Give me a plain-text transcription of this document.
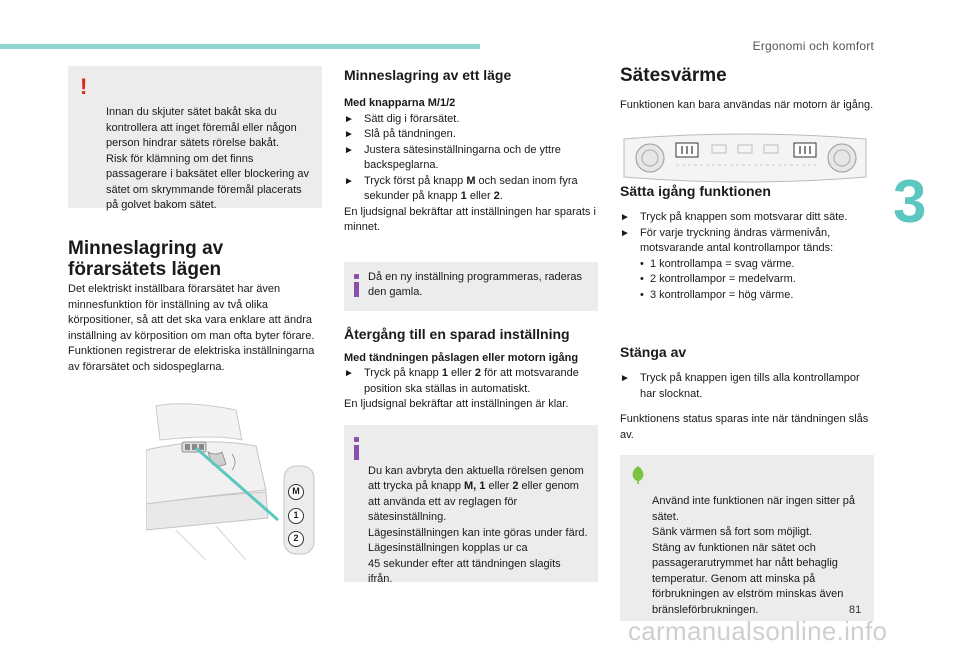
Ergonomi och komfort
3

!

Innan du skjuter sätet bakåt ska du kontrollera att inget föremål eller någon person hindrar sätets rörelse bakåt.
Risk för klämning om det finns passagerare i baksätet eller blockering av sätet om skrymmande föremål placerats på golvet bakom sätet.

Minneslagring av
förarsätets lägen

Det elektriskt inställbara förarsätet har även minnesfunktion för inställning av två olika körpositioner, så att det ska vara enklare att ändra inställning av körposition om man ofta byter förare.
Funktionen registrerar de elektriska inställningarna av förarsätet och sidospeglarna.

M
1
2
Minneslagring av ett läge

Med knapparna M/1/2

► Sätt dig i förarsätet.
► Slå på tändningen.
► Justera sätesinställningarna och de yttre backspeglarna.
► Tryck först på knapp M och sedan inom fyra sekunder på knapp 1 eller 2.

En ljudsignal bekräftar att inställningen har sparats i minnet.

Då en ny inställning programmeras, raderas den gamla.

Återgång till en sparad inställning

Med tändningen påslagen eller motorn igång

► Tryck på knapp 1 eller 2 för att motsvarande position ska ställas in automatiskt.

En ljudsignal bekräftar att inställningen är klar.

Du kan avbryta den aktuella rörelsen genom att trycka på knapp M, 1 eller 2 eller genom att använda ett av reglagen för sätesinställning.
Lägesinställningen kan inte göras under färd.
Lägesinställningen kopplas ur ca
45 sekunder efter att tändningen slagits ifrån.

Sätesvärme

Funktionen kan bara användas när motorn är igång.

Sätta igång funktionen
► Tryck på knappen som motsvarar ditt säte.
► För varje tryckning ändras värmenivån, motsvarande antal kontrollampor tänds:
• 1 kontrollampa = svag värme.
• 2 kontrollampor = medelvarm.
• 3 kontrollampor = hög värme.
Stänga av
► Tryck på knappen igen tills alla kontrollampor har slocknat.

Funktionens status sparas inte när tändningen slås av.

Använd inte funktionen när ingen sitter på sätet.
Sänk värmen så fort som möjligt.
Stäng av funktionen när sätet och passagerarutrymmet har nått behaglig temperatur. Genom att minska på förbrukningen av elström minskas även bränsleförbrukningen.	81
carmanualsonline.info
